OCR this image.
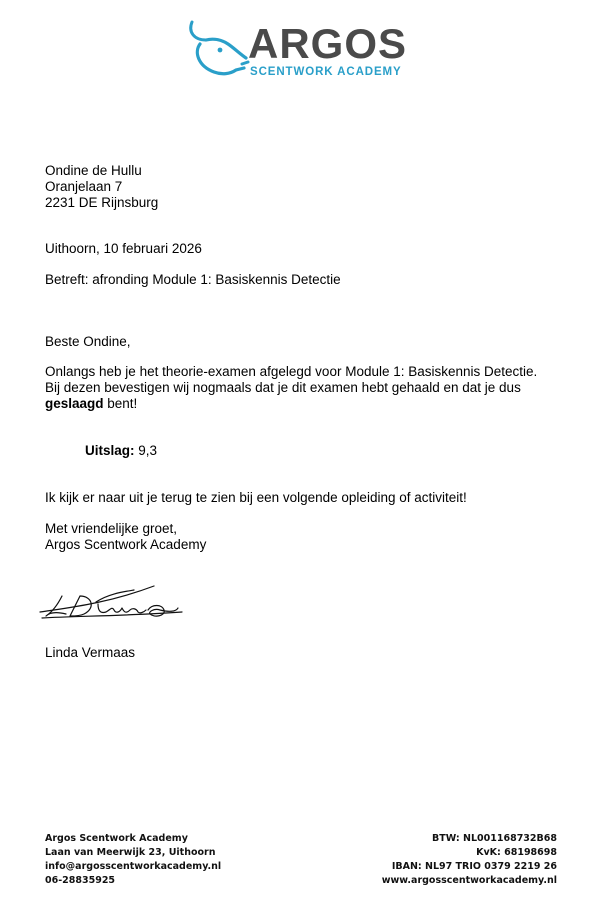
ARGOS
SCENTWORK ACADEMY
Ondine de Hullu
Oranjelaan 7
2231 DE Rijnsburg
Uithoorn, 10 februari 2026
Betreft: afronding Module 1: Basiskennis Detectie
Beste Ondine,
Onlangs heb je het theorie-examen afgelegd voor Module 1: Basiskennis Detectie.
Bij dezen bevestigen wij nogmaals dat je dit examen hebt gehaald en dat je dus
geslaagd bent!
Uitslag: 9,3
Ik kijk er naar uit je terug te zien bij een volgende opleiding of activiteit!
Met vriendelijke groet,
Argos Scentwork Academy
Linda Vermaas
Argos Scentwork Academy
Laan van Meerwijk 23, Uithoorn
info@argosscentworkacademy.nl
06-28835925
BTW: NL001168732B68
KvK: 68198698
IBAN: NL97 TRIO 0379 2219 26
www.argosscentworkacademy.nl
